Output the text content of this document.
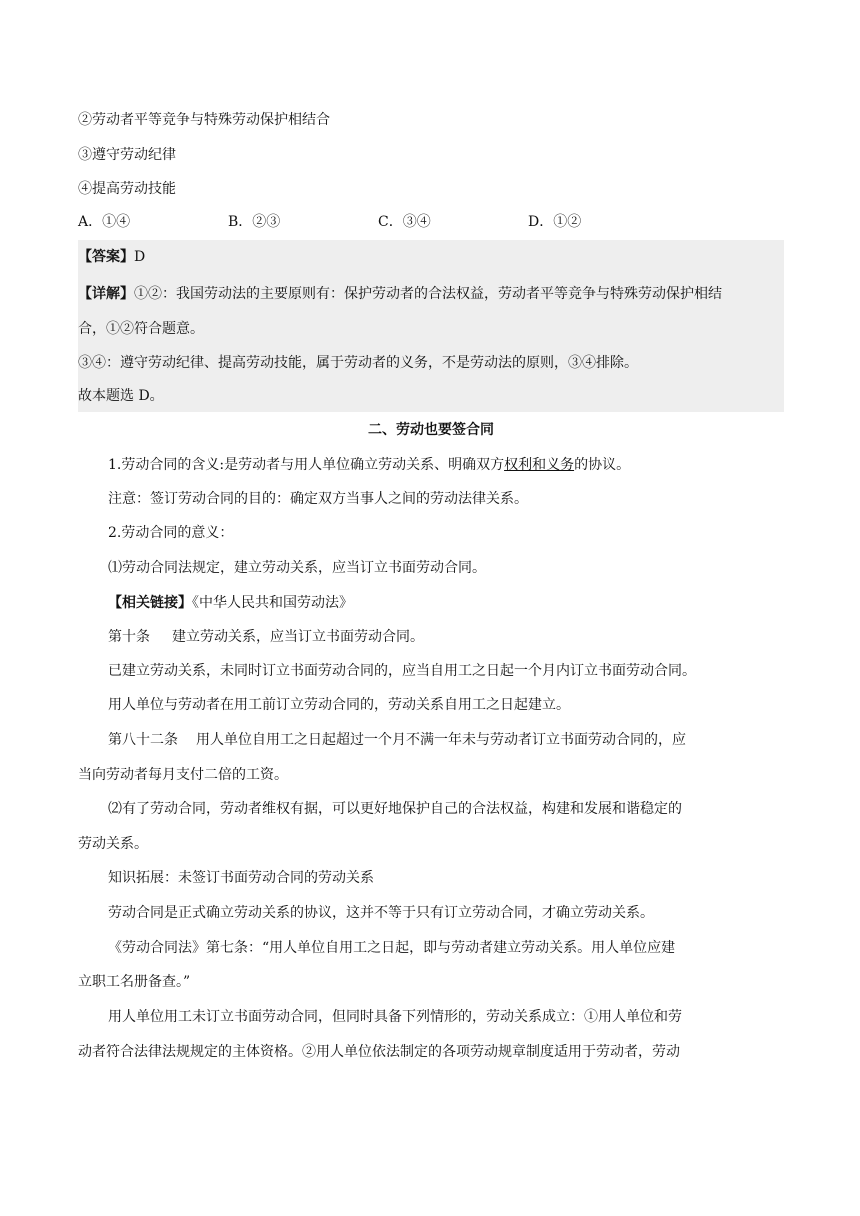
②劳动者平等竞争与特殊劳动保护相结合
③遵守劳动纪律
④提高劳动技能
A．①④	B．②③	C．③④	D．①②
【答案】D
【详解】①②：我国劳动法的主要原则有：保护劳动者的合法权益，劳动者平等竞争与特殊劳动保护相结
合，①②符合题意。
③④：遵守劳动纪律、提高劳动技能，属于劳动者的义务，不是劳动法的原则，③④排除。
故本题选 D。
二、劳动也要签合同
1.劳动合同的含义:是劳动者与用人单位确立劳动关系、明确双方权利和义务的协议。
注意：签订劳动合同的目的：确定双方当事人之间的劳动法律关系。
2.劳动合同的意义：
⑴劳动合同法规定，建立劳动关系，应当订立书面劳动合同。
【相关链接】《中华人民共和国劳动法》
第十条 建立劳动关系，应当订立书面劳动合同。
已建立劳动关系，未同时订立书面劳动合同的，应当自用工之日起一个月内订立书面劳动合同。
用人单位与劳动者在用工前订立劳动合同的，劳动关系自用工之日起建立。
第八十二条 用人单位自用工之日起超过一个月不满一年未与劳动者订立书面劳动合同的，应
当向劳动者每月支付二倍的工资。
⑵有了劳动合同，劳动者维权有据，可以更好地保护自己的合法权益，构建和发展和谐稳定的
劳动关系。
知识拓展：未签订书面劳动合同的劳动关系
劳动合同是正式确立劳动关系的协议，这并不等于只有订立劳动合同，才确立劳动关系。
《劳动合同法》第七条：“用人单位自用工之日起，即与劳动者建立劳动关系。用人单位应建
立职工名册备查。”
用人单位用工未订立书面劳动合同，但同时具备下列情形的，劳动关系成立：①用人单位和劳
动者符合法律法规规定的主体资格。②用人单位依法制定的各项劳动规章制度适用于劳动者，劳动
